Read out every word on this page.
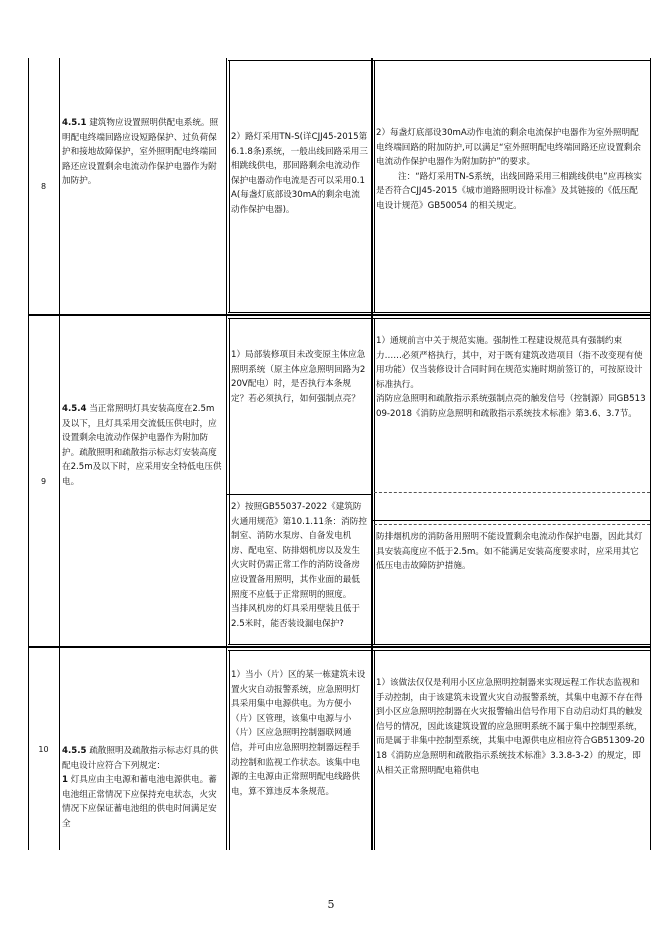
8
4.5.1 建筑物应设置照明供配电系统。照明配电终端回路应设短路保护、过负荷保护和接地故障保护，室外照明配电终端回路还应设置剩余电流动作保护电器作为附加防护。
2）路灯采用TN-S(详CJJ45-2015第6.1.8条)系统，一般出线回路采用三相跳线供电，那回路剩余电流动作保护电器动作电流是否可以采用0.1A(每盏灯底部设30mA的剩余电流动作保护电器)。
2）每盏灯底部设30mA动作电流的剩余电流保护电器作为室外照明配电终端回路的附加防护,可以满足“室外照明配电终端回路还应设置剩余电流动作保护电器作为附加防护”的要求。
注：“路灯采用TN-S系统，出线回路采用三相跳线供电”应再核实是否符合CJJ45-2015《城市道路照明设计标准》及其链接的《低压配电设计规范》GB50054 的相关规定。
9
4.5.4 当正常照明灯具安装高度在2.5m 及以下，且灯具采用交流低压供电时，应设置剩余电流动作保护电器作为附加防护。疏散照明和疏散指示标志灯安装高度在2.5m及以下时，应采用安全特低电压供电。
1）局部装修项目未改变原主体应急照明系统（原主体应急照明回路为220V配电）时，是否执行本条规定？若必须执行，如何强制点亮？
1）通规前言中关于规范实施。强制性工程建设规范具有强制约束力……必须严格执行，其中，对于既有建筑改造项目（指不改变现有使用功能）仅当装修设计合同时间在规范实施时期前签订的，可按原设计标准执行。
消防应急照明和疏散指示系统强制点亮的触发信号（控制源）同GB51309-2018《消防应急照明和疏散指示系统技术标准》第3.6、3.7节。
2）按照GB55037-2022《建筑防火通用规范》第10.1.11条：消防控制室、消防水泵房、自备发电机房、配电室、防排烟机房以及发生火灾时仍需正常工作的消防设备房应设置备用照明，其作业面的最低照度不应低于正常照明的照度。
当排风机房的灯具采用壁装且低于2.5米时，能否装设漏电保护?
防排烟机房的消防备用照明不能设置剩余电流动作保护电器，因此其灯具安装高度应不低于2.5m。如不能满足安装高度要求时，应采用其它低压电击故障防护措施。
10	4.5.5 疏散照明及疏散指示标志灯具的供配电设计应符合下列规定：
1 灯具应由主电源和蓄电池电源供电。蓄电池组正常情况下应保持充电状态，火灾情况下应保证蓄电池组的供电时间满足安全
1）当小（片）区的某一栋建筑未设置火灾自动报警系统，应急照明灯具采用集中电源供电。为方便小（片）区管理，该集中电源与小（片）区应急照明控制器联网通信，并可由应急照明控制器远程手动控制和监视工作状态。该集中电源的主电源由正常照明配电线路供电，算不算违反本条规范。
1）该做法仅仅是利用小区应急照明控制器来实现远程工作状态监视和手动控制，由于该建筑未设置火灾自动报警系统，其集中电源不存在得到小区应急照明控制器在火灾报警输出信号作用下自动启动灯具的触发信号的情况，因此该建筑设置的应急照明系统不属于集中控制型系统，而是属于非集中控制型系统，其集中电源供电应相应符合GB51309-2018《消防应急照明和疏散指示系统技术标准》3.3.8-3-2）的规定，即从相关正常照明配电箱供电
5
